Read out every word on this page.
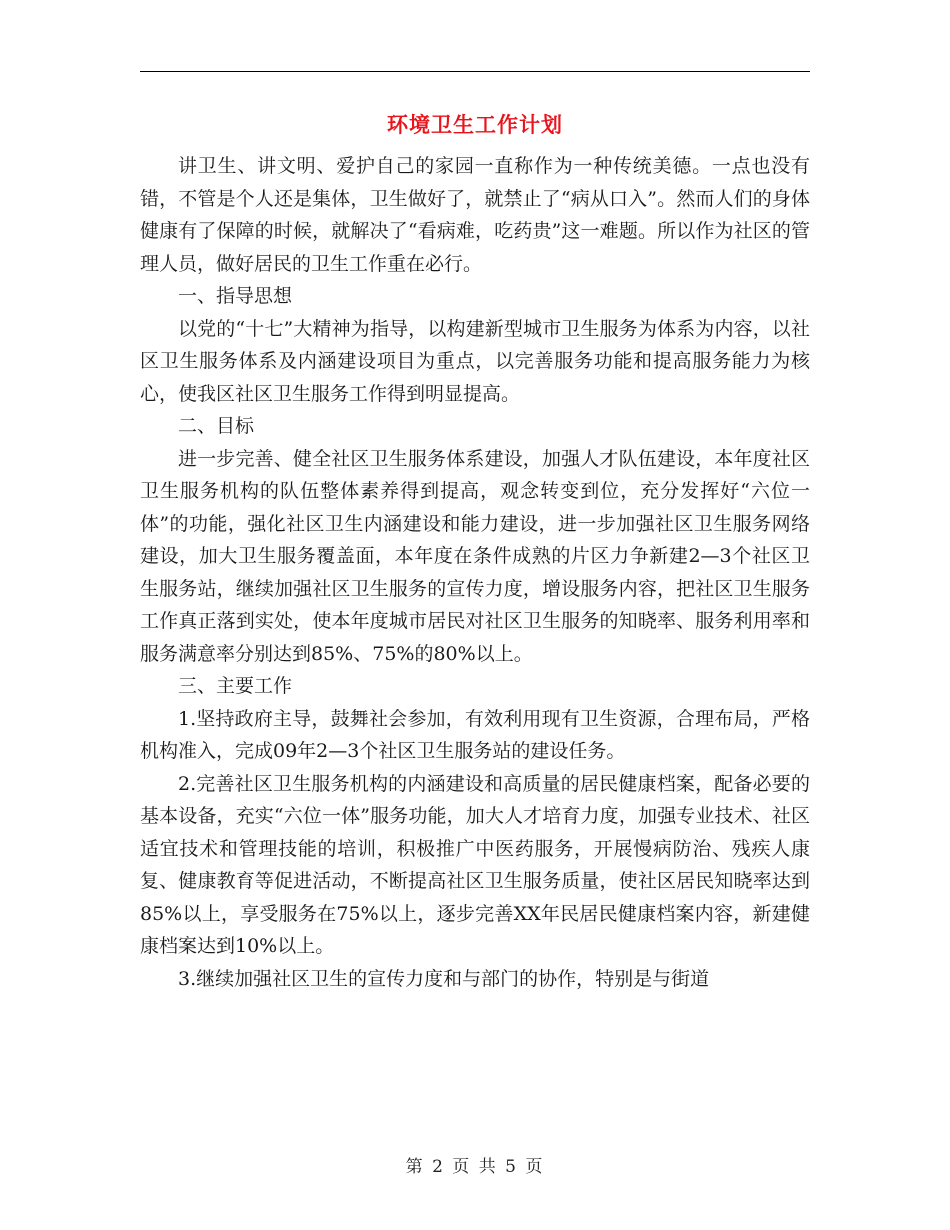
环境卫生工作计划

讲卫生、讲文明、爱护自己的家园一直称作为一种传统美德。一点也没有错，不管是个人还是集体，卫生做好了，就禁止了“病从口入”。然而人们的身体健康有了保障的时候，就解决了“看病难，吃药贵”这一难题。所以作为社区的管理人员，做好居民的卫生工作重在必行。

一、指导思想

以党的“十七”大精神为指导，以构建新型城市卫生服务为体系为内容，以社区卫生服务体系及内涵建设项目为重点，以完善服务功能和提高服务能力为核心，使我区社区卫生服务工作得到明显提高。

二、目标

进一步完善、健全社区卫生服务体系建设，加强人才队伍建设，本年度社区卫生服务机构的队伍整体素养得到提高，观念转变到位，充分发挥好“六位一体”的功能，强化社区卫生内涵建设和能力建设，进一步加强社区卫生服务网络建设，加大卫生服务覆盖面，本年度在条件成熟的片区力争新建2—3个社区卫生服务站，继续加强社区卫生服务的宣传力度，增设服务内容，把社区卫生服务工作真正落到实处，使本年度城市居民对社区卫生服务的知晓率、服务利用率和服务满意率分别达到85%、75%的80%以上。

三、主要工作

1.坚持政府主导，鼓舞社会参加，有效利用现有卫生资源，合理布局，严格机构准入，完成09年2—3个社区卫生服务站的建设任务。

2.完善社区卫生服务机构的内涵建设和高质量的居民健康档案，配备必要的基本设备，充实“六位一体”服务功能，加大人才培育力度，加强专业技术、社区适宜技术和管理技能的培训，积极推广中医药服务，开展慢病防治、残疾人康复、健康教育等促进活动，不断提高社区卫生服务质量，使社区居民知晓率达到85%以上，享受服务在75%以上，逐步完善XX年民居民健康档案内容，新建健康档案达到10%以上。

3.继续加强社区卫生的宣传力度和与部门的协作，特别是与街道

第 2 页 共 5 页
